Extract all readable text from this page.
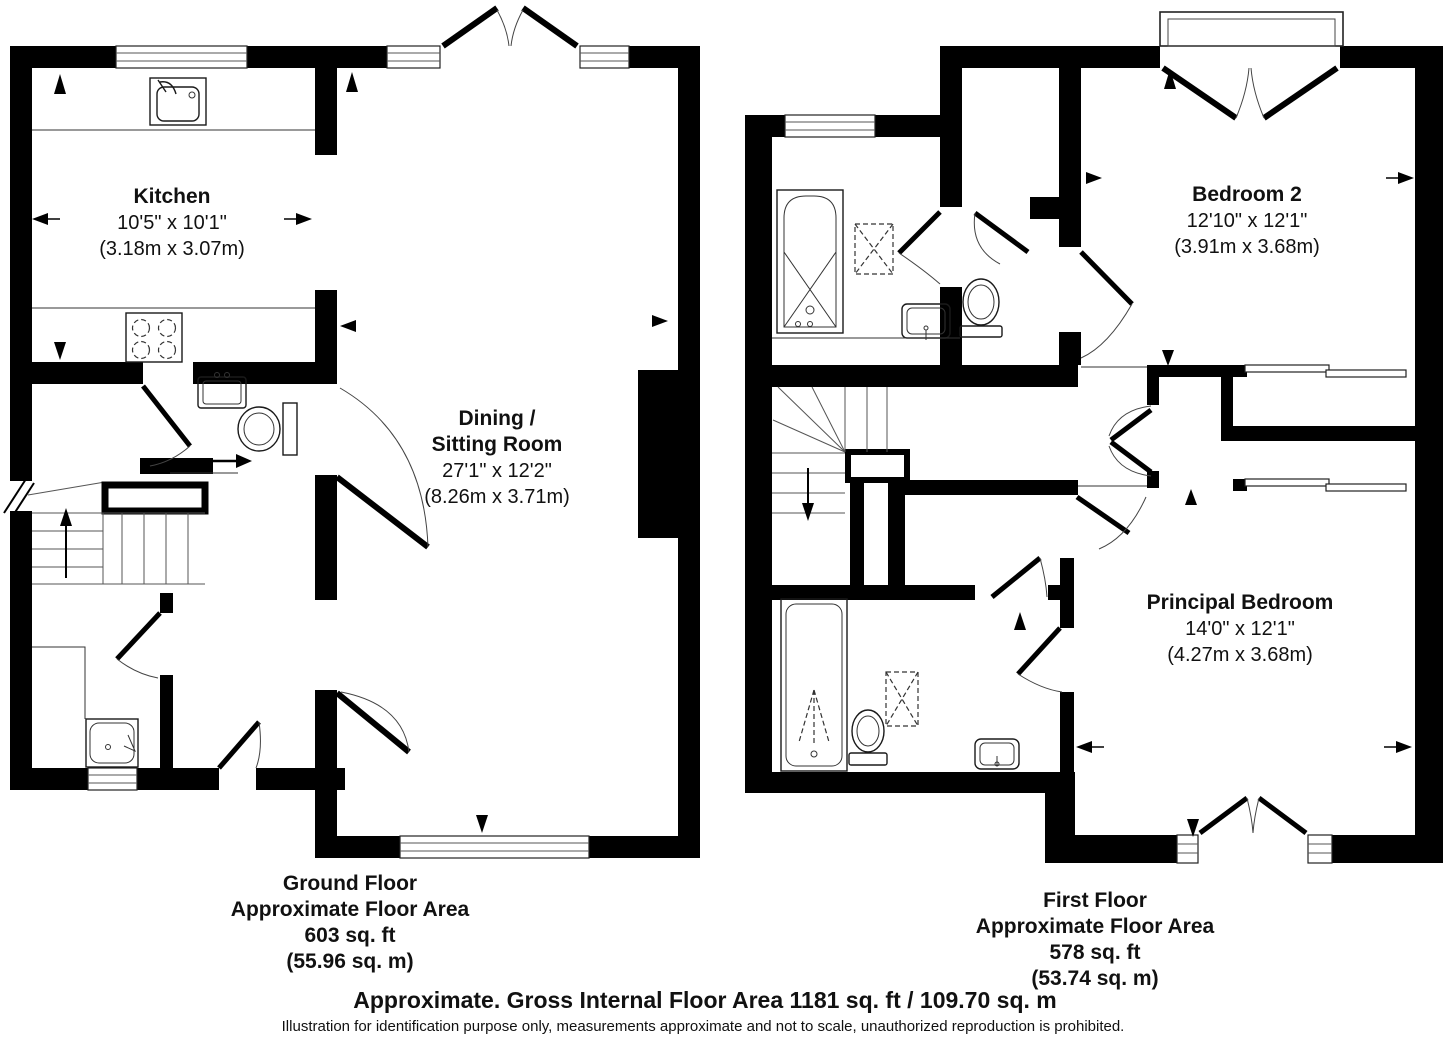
Kitchen
10'5" x 10'1"
(3.18m x 3.07m)
Dining /
Sitting Room
27'1" x 12'2"
(8.26m x 3.71m)
Bedroom 2
12'10" x 12'1"
(3.91m x 3.68m)
Principal Bedroom
14'0" x 12'1"
(4.27m x 3.68m)
Ground Floor
Approximate Floor Area
603 sq. ft
(55.96 sq. m)
First Floor
Approximate Floor Area
578 sq. ft
(53.74 sq. m)
Approximate. Gross Internal Floor Area 1181 sq. ft / 109.70 sq. m
Illustration for identification purpose only, measurements approximate and not to scale, unauthorized reproduction is prohibited.
